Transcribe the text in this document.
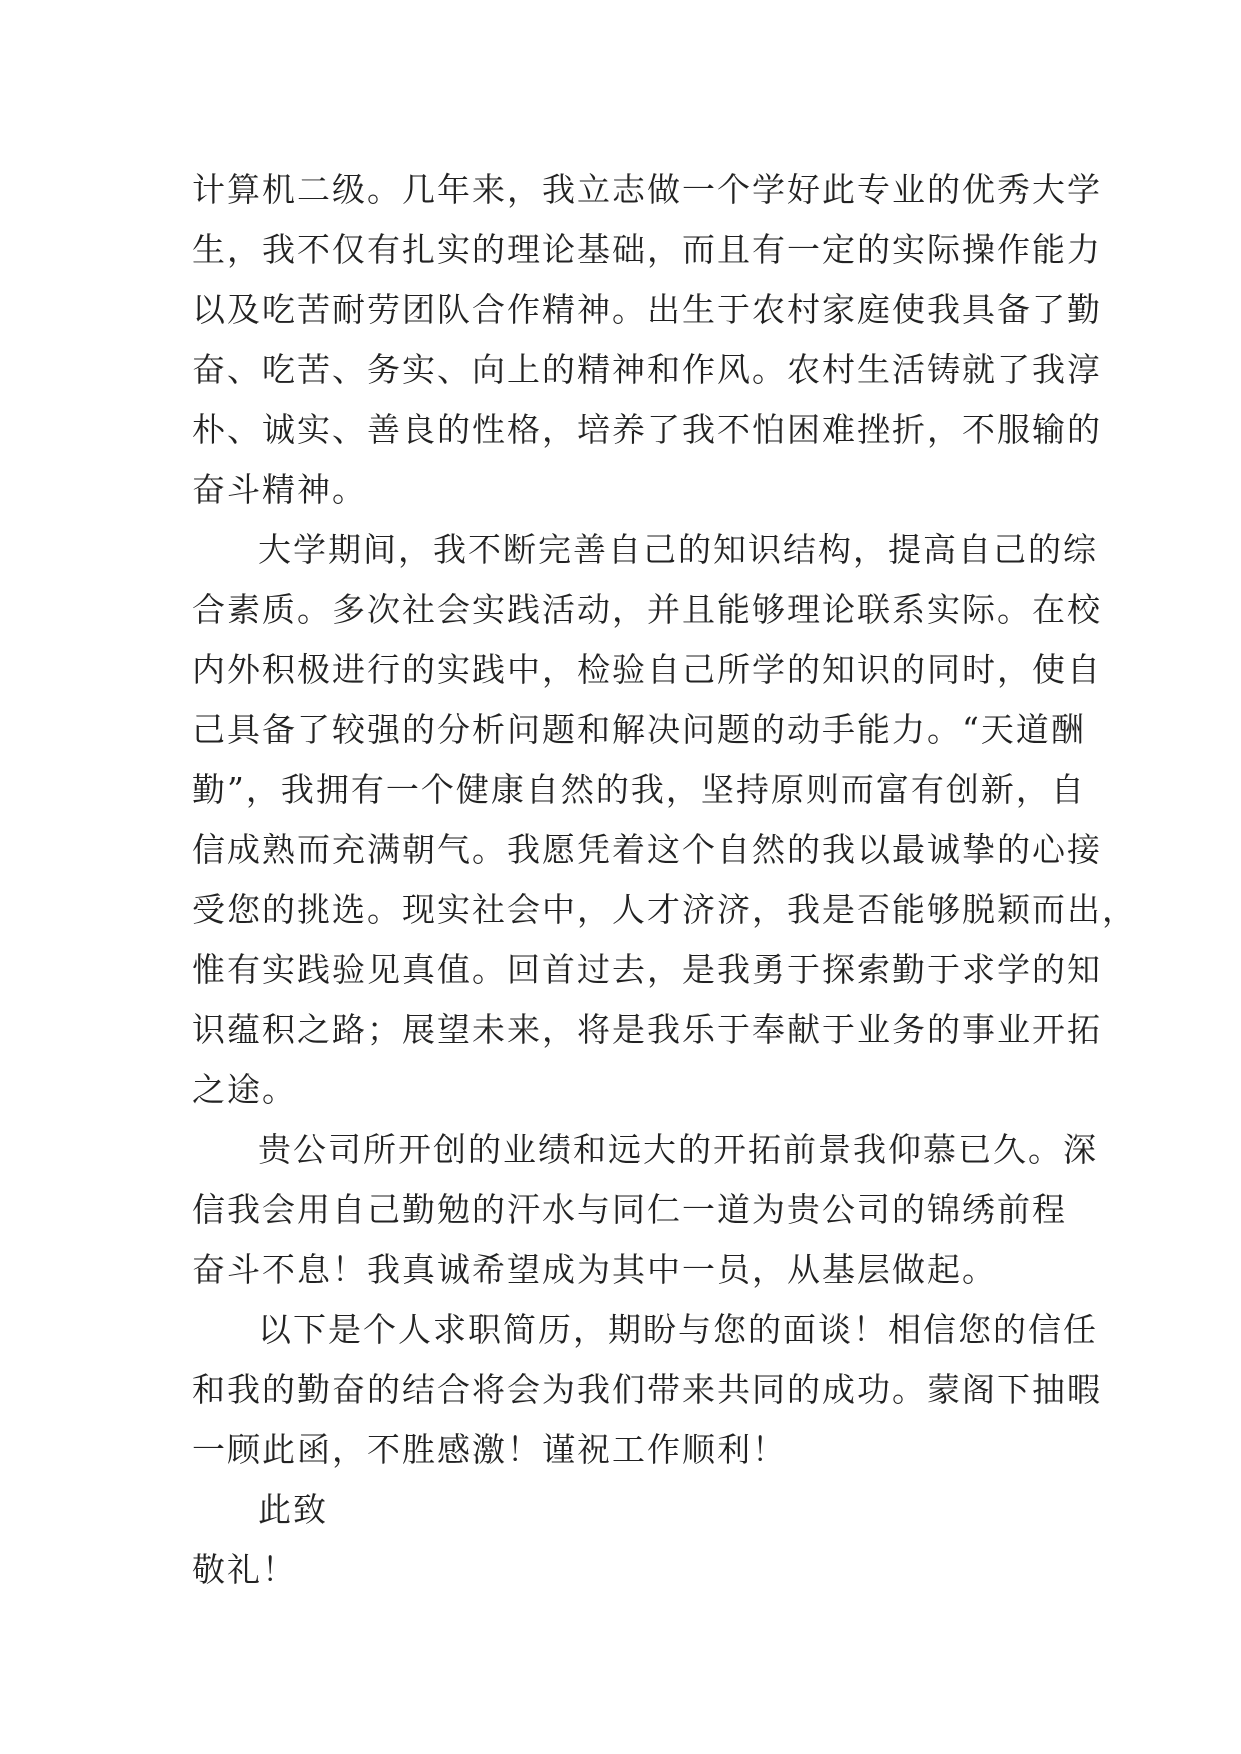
计算机二级。几年来，我立志做一个学好此专业的优秀大学
生，我不仅有扎实的理论基础，而且有一定的实际操作能力
以及吃苦耐劳团队合作精神。出生于农村家庭使我具备了勤
奋、吃苦、务实、向上的精神和作风。农村生活铸就了我淳
朴、诚实、善良的性格，培养了我不怕困难挫折，不服输的
奋斗精神。
大学期间，我不断完善自己的知识结构，提高自己的综
合素质。多次社会实践活动，并且能够理论联系实际。在校
内外积极进行的实践中，检验自己所学的知识的同时，使自
己具备了较强的分析问题和解决问题的动手能力。“天道酬
勤”，我拥有一个健康自然的我，坚持原则而富有创新，自
信成熟而充满朝气。我愿凭着这个自然的我以最诚挚的心接
受您的挑选。现实社会中，人才济济，我是否能够脱颖而出，
惟有实践验见真值。回首过去，是我勇于探索勤于求学的知
识蕴积之路；展望未来，将是我乐于奉献于业务的事业开拓
之途。
贵公司所开创的业绩和远大的开拓前景我仰慕已久。深
信我会用自己勤勉的汗水与同仁一道为贵公司的锦绣前程
奋斗不息！我真诚希望成为其中一员，从基层做起。
以下是个人求职简历，期盼与您的面谈！相信您的信任
和我的勤奋的结合将会为我们带来共同的成功。蒙阁下抽暇
一顾此函，不胜感激！谨祝工作顺利！
此致
敬礼！
